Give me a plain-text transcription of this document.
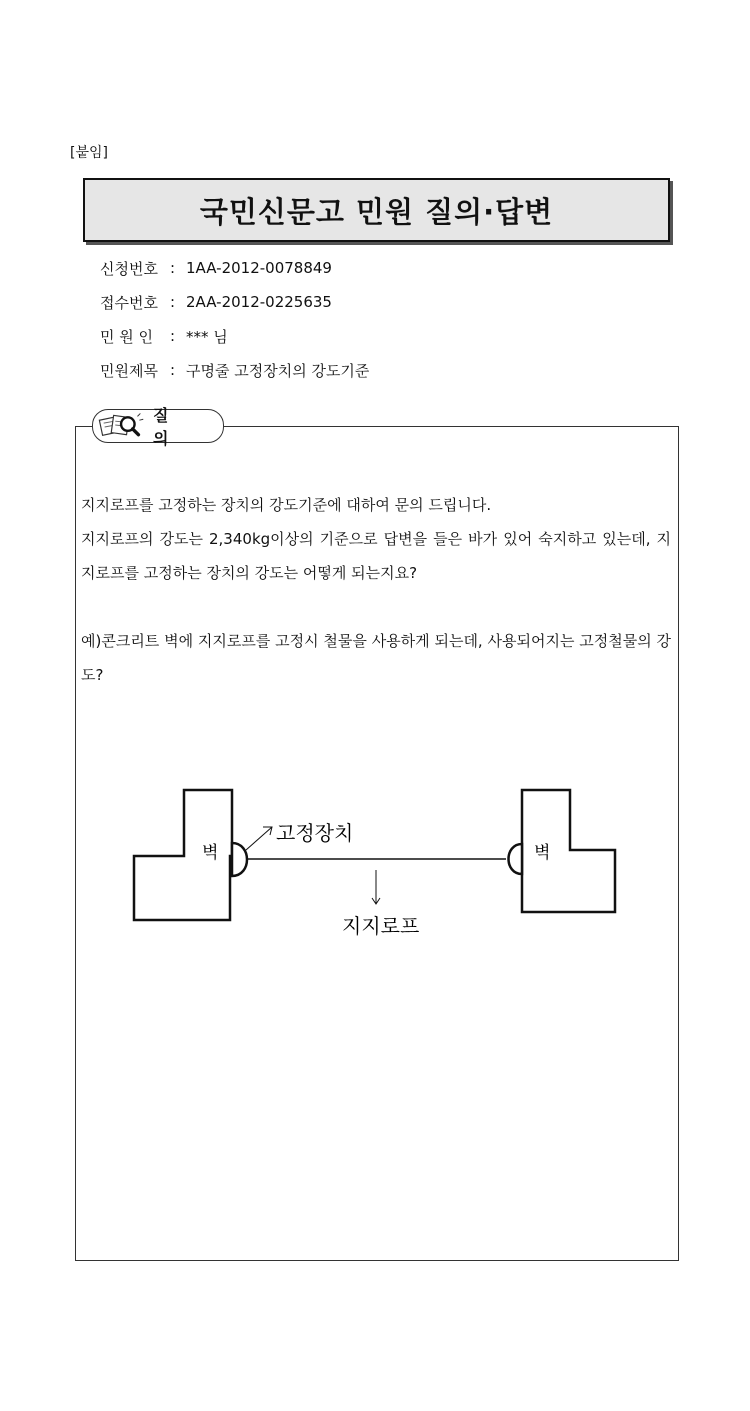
[붙임]
국민신문고 민원 질의·답변
신청번호 : 1AA-2012-0078849
접수번호 : 2AA-2012-0225635
민 원 인	: *** 님
민원제목 : 구명줄 고정장치의 강도기준
질 의

지지로프를 고정하는 장치의 강도기준에 대하여 문의 드립니다.

지지로프의 강도는 2,340kg이상의 기준으로 답변을 들은 바가 있어 숙지하고 있는데, 지지로프를 고정하는 장치의 강도는 어떻게 되는지요?

예)콘크리트 벽에 지지로프를 고정시 철물을 사용하게 되는데, 사용되어지는 고정철물의 강도?

벽	벽
고정장치
지지로프
